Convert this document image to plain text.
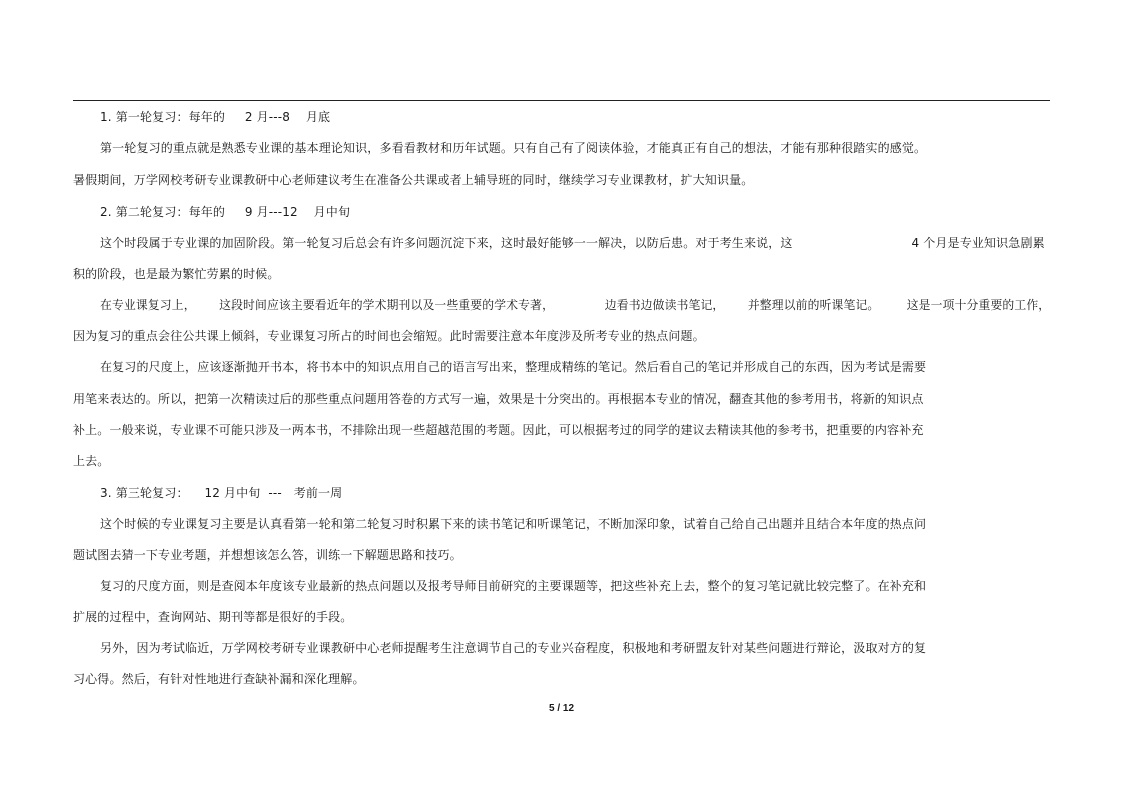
1. 第一轮复习：每年的     2 月---8    月底
第一轮复习的重点就是熟悉专业课的基本理论知识，多看看教材和历年试题。只有自己有了阅读体验，才能真正有自己的想法，才能有那种很踏实的感觉。
暑假期间，万学网校考研专业课教研中心老师建议考生在准备公共课或者上辅导班的同时，继续学习专业课教材，扩大知识量。
2. 第二轮复习：每年的     9 月---12    月中旬
这个时段属于专业课的加固阶段。第一轮复习后总会有许多问题沉淀下来，这时最好能够一一解决，以防后患。对于考生来说，这                              4 个月是专业知识急剧累
积的阶段，也是最为繁忙劳累的时候。
在专业课复习上，      这段时间应该主要看近年的学术期刊以及一些重要的学术专著，             边看书边做读书笔记，      并整理以前的听课笔记。       这是一项十分重要的工作，
因为复习的重点会往公共课上倾斜，专业课复习所占的时间也会缩短。此时需要注意本年度涉及所考专业的热点问题。
在复习的尺度上，应该逐渐抛开书本，将书本中的知识点用自己的语言写出来，整理成精练的笔记。然后看自己的笔记并形成自己的东西，因为考试是需要
用笔来表达的。所以，把第一次精读过后的那些重点问题用答卷的方式写一遍，效果是十分突出的。再根据本专业的情况，翻查其他的参考用书，将新的知识点
补上。一般来说，专业课不可能只涉及一两本书，不排除出现一些超越范围的考题。因此，可以根据考过的同学的建议去精读其他的参考书，把重要的内容补充
上去。
3. 第三轮复习：    12 月中旬  ---   考前一周
这个时候的专业课复习主要是认真看第一轮和第二轮复习时积累下来的读书笔记和听课笔记，不断加深印象，试着自己给自己出题并且结合本年度的热点问
题试图去猜一下专业考题，并想想该怎么答，训练一下解题思路和技巧。
复习的尺度方面，则是查阅本年度该专业最新的热点问题以及报考导师目前研究的主要课题等，把这些补充上去，整个的复习笔记就比较完整了。在补充和
扩展的过程中，查询网站、期刊等都是很好的手段。
另外，因为考试临近，万学网校考研专业课教研中心老师提醒考生注意调节自己的专业兴奋程度，积极地和考研盟友针对某些问题进行辩论，汲取对方的复
习心得。然后，有针对性地进行查缺补漏和深化理解。
5 / 12
